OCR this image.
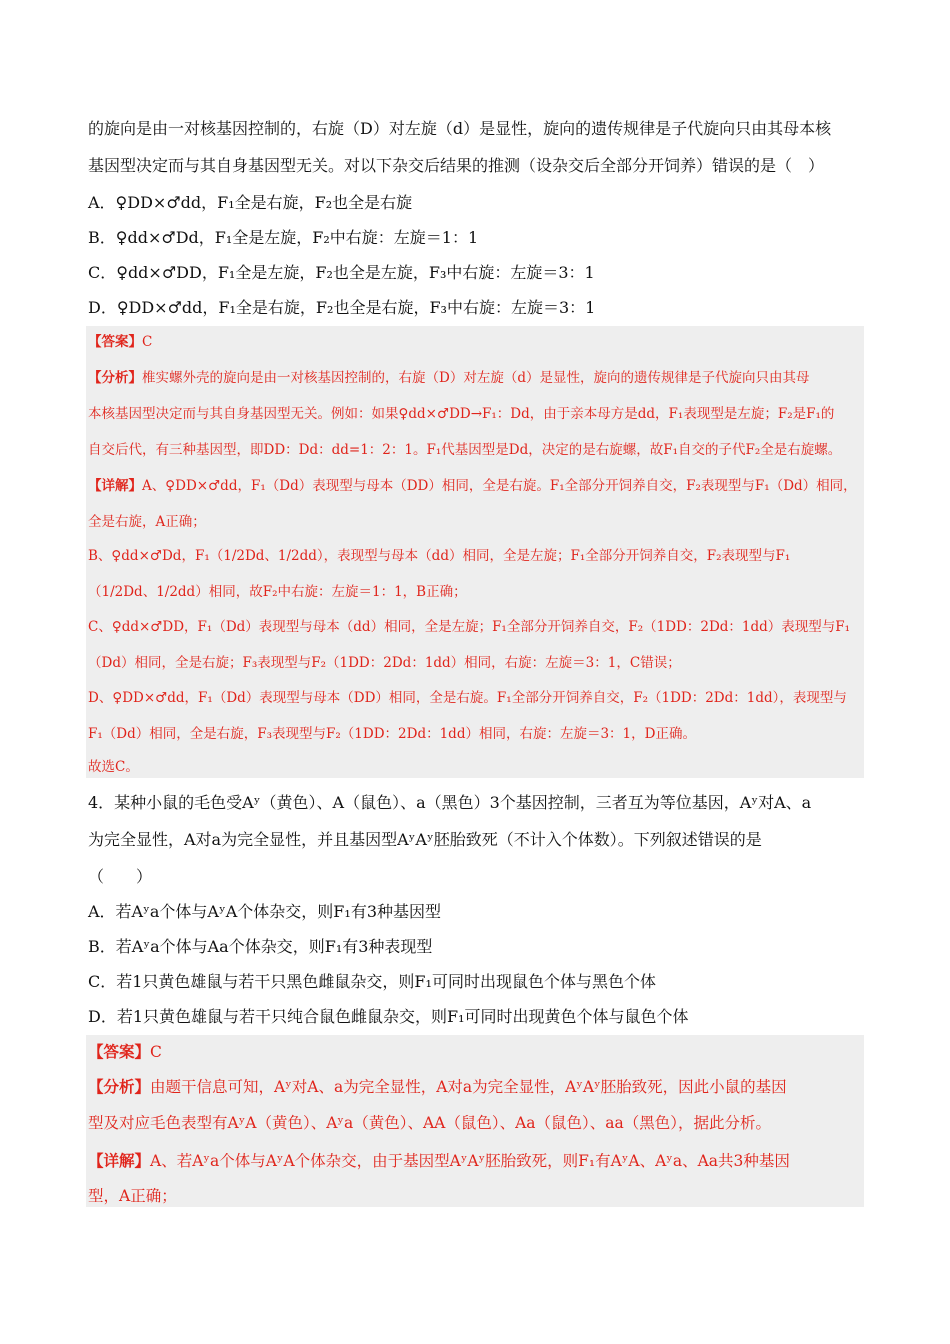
的旋向是由一对核基因控制的，右旋（D）对左旋（d）是显性，旋向的遗传规律是子代旋向只由其母本核
基因型决定而与其自身基因型无关。对以下杂交后结果的推测（设杂交后全部分开饲养）错误的是（　）
A．♀DD×♂dd，F₁全是右旋，F₂也全是右旋
B．♀dd×♂Dd，F₁全是左旋，F₂中右旋：左旋＝1：1
C．♀dd×♂DD，F₁全是左旋，F₂也全是左旋，F₃中右旋：左旋＝3：1
D．♀DD×♂dd，F₁全是右旋，F₂也全是右旋，F₃中右旋：左旋＝3：1
【答案】C
【分析】椎实螺外壳的旋向是由一对核基因控制的，右旋（D）对左旋（d）是显性，旋向的遗传规律是子代旋向只由其母
本核基因型决定而与其自身基因型无关。例如：如果♀dd×♂DD→F₁：Dd，由于亲本母方是dd，F₁表现型是左旋；F₂是F₁的
自交后代，有三种基因型，即DD：Dd：dd=1：2：1。F₁代基因型是Dd，决定的是右旋螺，故F₁自交的子代F₂全是右旋螺。
【详解】A、♀DD×♂dd，F₁（Dd）表现型与母本（DD）相同，全是右旋。F₁全部分开饲养自交，F₂表现型与F₁（Dd）相同，
全是右旋，A正确；
B、♀dd×♂Dd，F₁（1/2Dd、1/2dd），表现型与母本（dd）相同，全是左旋；F₁全部分开饲养自交，F₂表现型与F₁
（1/2Dd、1/2dd）相同，故F₂中右旋：左旋＝1：1，B正确；
C、♀dd×♂DD，F₁（Dd）表现型与母本（dd）相同，全是左旋；F₁全部分开饲养自交，F₂（1DD：2Dd：1dd）表现型与F₁
（Dd）相同，全是右旋；F₃表现型与F₂（1DD：2Dd：1dd）相同，右旋：左旋＝3：1，C错误；
D、♀DD×♂dd，F₁（Dd）表现型与母本（DD）相同，全是右旋。F₁全部分开饲养自交，F₂（1DD：2Dd：1dd），表现型与
F₁（Dd）相同，全是右旋，F₃表现型与F₂（1DD：2Dd：1dd）相同，右旋：左旋＝3：1，D正确。
故选C。
4．某种小鼠的毛色受Aʸ（黄色）、A（鼠色）、a（黑色）3个基因控制，三者互为等位基因，Aʸ对A、a
为完全显性，A对a为完全显性，并且基因型AʸAʸ胚胎致死（不计入个体数）。下列叙述错误的是
（　　）
A．若Aʸa个体与AʸA个体杂交，则F₁有3种基因型
B．若Aʸa个体与Aa个体杂交，则F₁有3种表现型
C．若1只黄色雄鼠与若干只黑色雌鼠杂交，则F₁可同时出现鼠色个体与黑色个体
D．若1只黄色雄鼠与若干只纯合鼠色雌鼠杂交，则F₁可同时出现黄色个体与鼠色个体
【答案】C
【分析】由题干信息可知，Aʸ对A、a为完全显性，A对a为完全显性，AʸAʸ胚胎致死，因此小鼠的基因
型及对应毛色表型有AʸA（黄色）、Aʸa（黄色）、AA（鼠色）、Aa（鼠色）、aa（黑色），据此分析。
【详解】A、若Aʸa个体与AʸA个体杂交，由于基因型AʸAʸ胚胎致死，则F₁有AʸA、Aʸa、Aa共3种基因
型，A正确；
